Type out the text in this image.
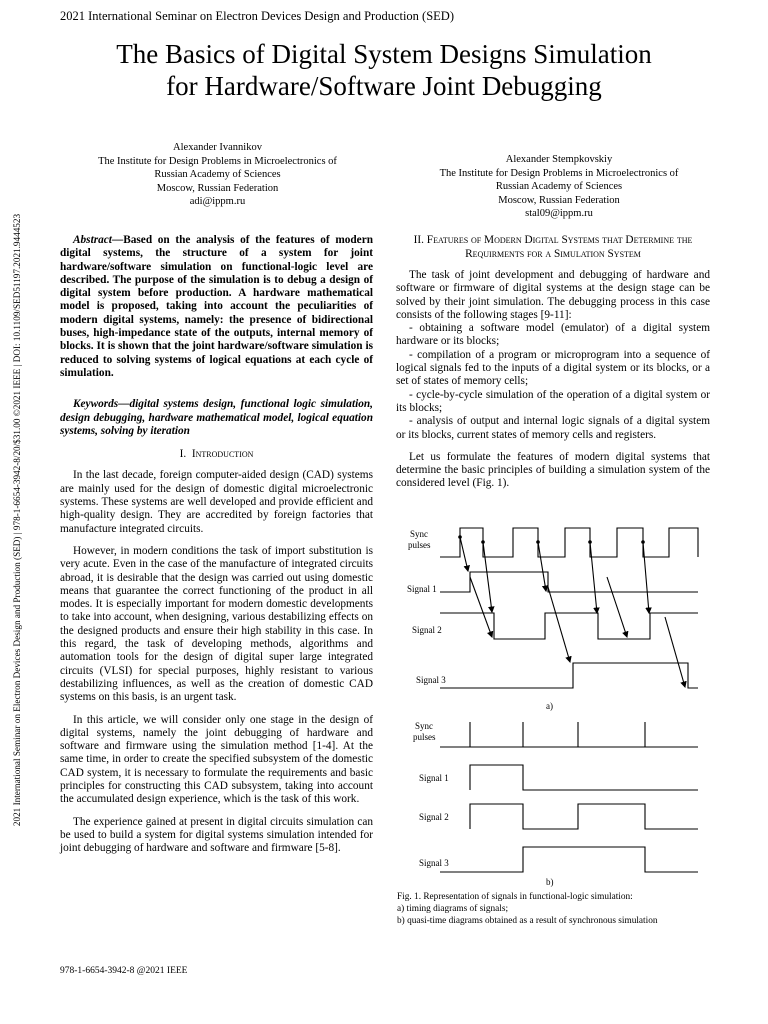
2021 International Seminar on Electron Devices Design and Production (SED)
The Basics of Digital System Designs Simulation
for Hardware/Software Joint Debugging
Alexander Ivannikov
The Institute for Design Problems in Microelectronics of
Russian Academy of Sciences
Moscow, Russian Federation
adi@ippm.ru
Alexander Stempkovskiy
The Institute for Design Problems in Microelectronics of
Russian Academy of Sciences
Moscow, Russian Federation
stal09@ippm.ru
2021 International Seminar on Electron Devices Design and Production (SED) | 978-1-6654-3942-8/20/$31.00 ©2021 IEEE | DOI: 10.1109/SED51197.2021.9444523	Abstract—Based on the analysis of the features of modern digital systems, the structure of a system for joint hardware/software simulation on functional-logic level are described. The purpose of the simulation is to debug a design of digital system before production. A hardware mathematical model is proposed, taking into account the peculiarities of modern digital systems, namely: the presence of bidirectional buses, high-impedance state of the outputs, internal memory of blocks. It is shown that the joint hardware/software simulation is reduced to solving systems of logical equations at each cycle of simulation.

Keywords—digital systems design, functional logic simulation, design debugging, hardware mathematical model, logical equation systems, solving by iteration

I. Introduction

In the last decade, foreign computer-aided design (CAD) systems are mainly used for the design of domestic digital microelectronic systems. These systems are well developed and provide efficient and high-quality design. They are accredited by foreign factories that manufacture integrated circuits.

However, in modern conditions the task of import substitution is very acute. Even in the case of the manufacture of integrated circuits abroad, it is desirable that the design was carried out using domestic means that guarantee the correct functioning of the product in all modes. It is especially important for modern domestic developments to take into account, when designing, various destabilizing effects on the designed products and ensure their high stability in this case. In this regard, the task of developing methods, algorithms and automation tools for the design of digital super large integrated circuits (VLSI) for special purposes, highly resistant to various destabilizing influences, as well as the creation of domestic CAD systems on this basis, is an urgent task.

In this article, we will consider only one stage in the design of digital systems, namely the joint debugging of hardware and software and firmware using the simulation method [1-4]. At the same time, in order to create the specified subsystem of the domestic CAD system, it is necessary to formulate the requirements and basic principles for constructing this CAD subsystem, taking into account the accumulated design experience, which is the task of this work.

The experience gained at present in digital circuits simulation can be used to build a system for digital systems simulation intended for joint debugging of hardware and software and firmware [5-8].

II. Features of Modern Digital Systems that Determine the Requirments for a Simulation System

The task of joint development and debugging of hardware and software or firmware of digital systems at the design stage can be solved by their joint simulation. The debugging process in this case consists of the following stages [9-11]:

- obtaining a software model (emulator) of a digital system hardware or its blocks;

- compilation of a program or microprogram into a sequence of logical signals fed to the inputs of a digital system or its blocks, or a set of states of memory cells;

- cycle-by-cycle simulation of the operation of a digital system or its blocks;

- analysis of output and internal logic signals of a digital system or its blocks, current states of memory cells and registers.

Let us formulate the features of modern digital systems that determine the basic principles of building a simulation system of the considered level (Fig. 1).

Sync
pulses
Signal 1
Signal 2
Signal 3
a)
Sync
pulses
Signal 1
Signal 2
Signal 3
b)
Fig. 1. Representation of signals in functional-logic simulation:
a) timing diagrams of signals;
b) quasi-time diagrams obtained as a result of synchronous simulation
978-1-6654-3942-8 @2021 IEEE
